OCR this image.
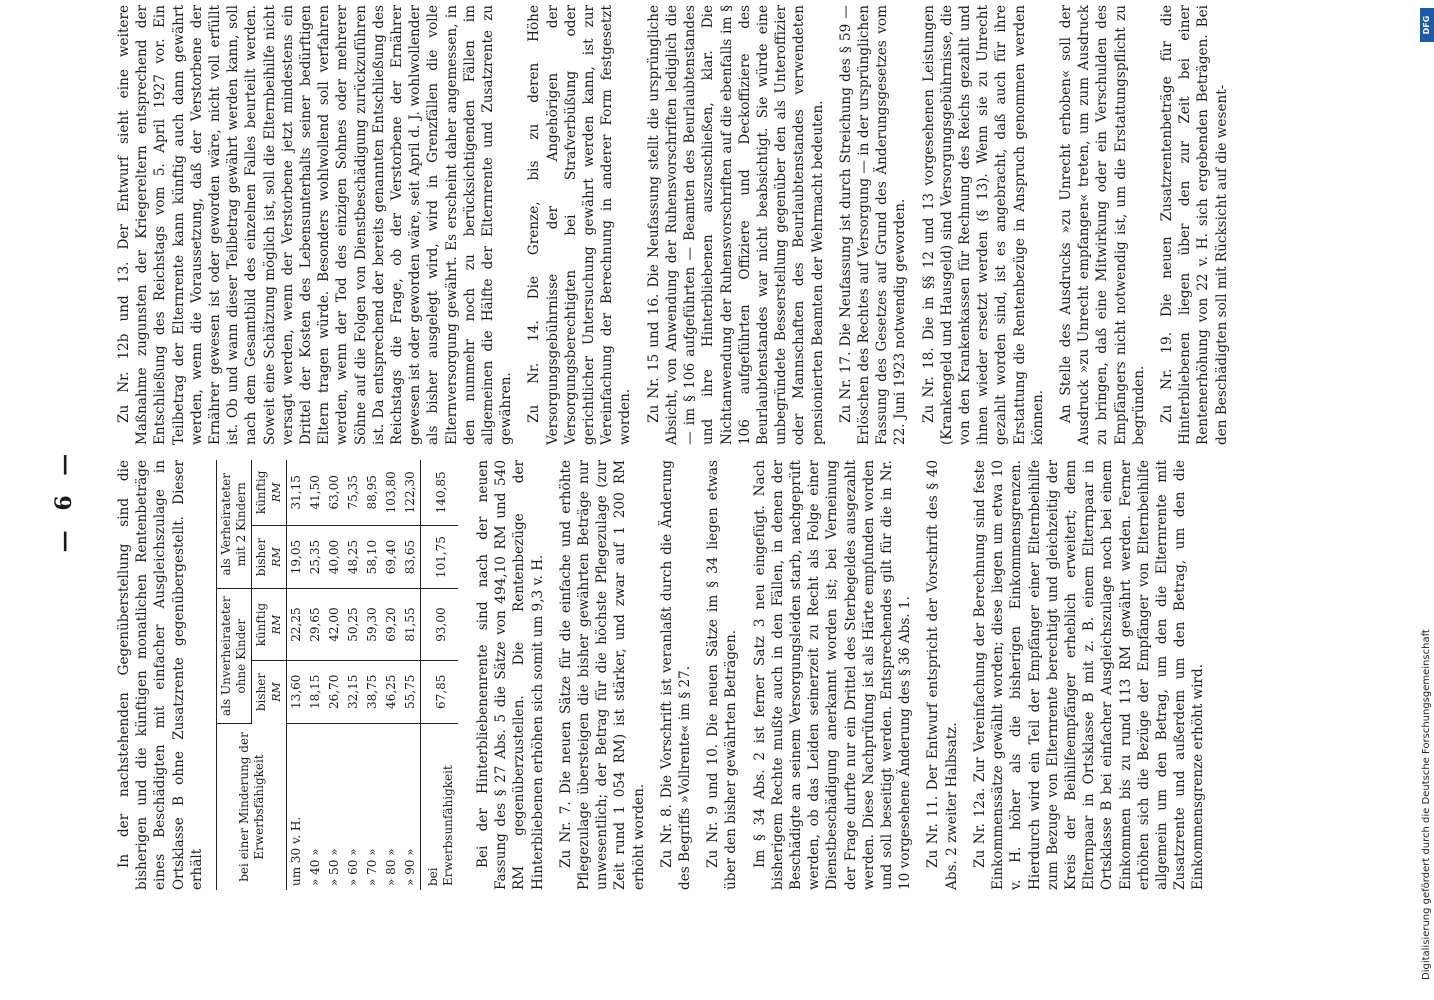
— 6 —	In der nachstehenden Gegenüberstellung sind die bisherigen und die künftigen monatlichen Rentenbeträge eines Beschädigten mit einfacher Ausgleichszulage in Ortsklasse B ohne Zusatzrente gegenübergestellt. Dieser erhält	bei einer Minderung der Erwerbsfähigkeit	als Unverheirateter ohne Kinder		als Verheirateter mit 2 Kindern	
	bisher RM	künftig RM	bisher RM	künftig RM
um 30 v. H.	13,60	22,25	19,05	31,15
» 40 »	18,15	29,65	25,35	41,50
» 50 »	26,70	42,00	40,00	63,00
» 60 »	32,15	50,25	48,25	75,35
» 70 »	38,75	59,30	58,10	88,95
» 80 »	46,25	69,20	69,40	103,80
» 90 »	55,75	81,55	83,65	122,30
bei
Erwerbsunfähigkeit	67,85	93,00	101,75	140,85 Bei der Hinterbliebenenrente sind nach der neuen Fassung des § 27 Abs. 5 die Sätze von 494,10 RM und 540 RM gegenüberzustellen. Die Rentenbezüge der Hinterbliebenen erhöhen sich somit um 9,3 v. H. Zu Nr. 7. Die neuen Sätze für die einfache und erhöhte Pflegezulage übersteigen die bisher gewährten Beträge nur unwesentlich; der Betrag für die höchste Pflegezulage (zur Zeit rund 1 054 RM) ist stärker, und zwar auf 1 200 RM erhöht worden. Zu Nr. 8. Die Vorschrift ist veranlaßt durch die Änderung des Begriffs »Vollrente« im § 27. Zu Nr. 9 und 10. Die neuen Sätze im § 34 liegen etwas über den bisher gewährten Beträgen. Im § 34 Abs. 2 ist ferner Satz 3 neu eingefügt. Nach bisherigem Rechte mußte auch in den Fällen, in denen der Beschädigte an seinem Versorgungsleiden starb, nachgeprüft werden, ob das Leiden seinerzeit zu Recht als Folge einer Dienstbeschädigung anerkannt worden ist; bei Verneinung der Frage durfte nur ein Drittel des Sterbegeldes ausgezahlt werden. Diese Nachprüfung ist als Härte empfunden worden und soll beseitigt werden. Entsprechendes gilt für die in Nr. 10 vorgesehene Änderung des § 36 Abs. 1. Zu Nr. 11. Der Entwurf entspricht der Vorschrift des § 40 Abs. 2 zweiter Halbsatz. Zu Nr. 12a. Zur Vereinfachung der Berechnung sind feste Einkommenssätze gewählt worden; diese liegen um etwa 10 v. H. höher als die bisherigen Einkommensgrenzen. Hierdurch wird ein Teil der Empfänger einer Elternbeihilfe zum Bezuge von Elternrente berechtigt und gleichzeitig der Kreis der Beihilfeempfänger erheblich erweitert; denn Elternpaar in Ortsklasse B mit z. B. einem Elternpaar in Ortsklasse B bei einfacher Ausgleichszulage noch bei einem Einkommen bis zu rund 113 RM gewährt werden. Ferner erhöhen sich die Bezüge der Empfänger von Elternbeihilfe allgemein um den Betrag, um den die Elternrente mit Zusatzrente und außerdem um den Betrag, um den die Einkommensgrenze erhöht wird.

Zu Nr. 12b und 13. Der Entwurf sieht eine weitere Maßnahme zugunsten der Kriegereltern entsprechend der Entschließung des Reichstags vom 5. April 1927 vor. Ein Teilbetrag der Elternrente kann künftig auch dann gewährt werden, wenn die Voraussetzung, daß der Verstorbene der Ernährer gewesen ist oder geworden wäre, nicht voll erfüllt ist. Ob und wann dieser Teilbetrag gewährt werden kann, soll nach dem Gesamtbild des einzelnen Falles beurteilt werden. Soweit eine Schätzung möglich ist, soll die Elternbeihilfe nicht versagt werden, wenn der Verstorbene jetzt mindestens ein Drittel der Kosten des Lebensunterhalts seiner bedürftigen Eltern tragen würde. Besonders wohlwollend soll verfahren werden, wenn der Tod des einzigen Sohnes oder mehrerer Söhne auf die Folgen von Dienstbeschädigung zurückzuführen ist. Da entsprechend der bereits genannten Entschließung des Reichstags die Frage, ob der Verstorbene der Ernährer gewesen ist oder geworden wäre, seit April d. J. wohlwollender als bisher ausgelegt wird, wird in Grenzfällen die volle Elternversorgung gewährt. Es erscheint daher angemessen, in den nunmehr noch zu berücksichtigenden Fällen im allgemeinen die Hälfte der Elternrente und Zusatzrente zu gewähren. Zu Nr. 14. Die Grenze, bis zu deren Höhe Versorgungsgebührnisse der Angehörigen der Versorgungsberechtigten bei Strafverbüßung oder gerichtlicher Untersuchung gewährt werden kann, ist zur Vereinfachung der Berechnung in anderer Form festgesetzt worden. Zu Nr. 15 und 16. Die Neufassung stellt die ursprüngliche Absicht, von Anwendung der Ruhensvorschriften lediglich die — im § 106 aufgeführten — Beamten des Beurlaubtenstandes und ihre Hinterbliebenen auszuschließen, klar. Die Nichtanwendung der Ruhensvorschriften auf die ebenfalls im § 106 aufgeführten Offiziere und Deckoffiziere des Beurlaubtenstandes war nicht beabsichtigt. Sie würde eine unbegründete Besserstellung gegenüber den als Unteroffizier oder Mannschaften des Beurlaubtenstandes verwendeten pensionierten Beamten der Wehrmacht bedeuten. Zu Nr. 17. Die Neufassung ist durch Streichung des § 59 — Erlöschen des Rechtes auf Versorgung — in der ursprünglichen Fassung des Gesetzes auf Grund des Änderungsgesetzes vom 22. Juni 1923 notwendig geworden. Zu Nr. 18. Die in §§ 12 und 13 vorgesehenen Leistungen (Krankengeld und Hausgeld) sind Versorgungsgebührnisse, die von den Krankenkassen für Rechnung des Reichs gezahlt und ihnen wieder ersetzt werden (§ 13). Wenn sie zu Unrecht gezahlt worden sind, ist es angebracht, daß auch für ihre Erstattung die Rentenbezüge in Anspruch genommen werden können. An Stelle des Ausdrucks »zu Unrecht erhoben« soll der Ausdruck »zu Unrecht empfangen« treten, um zum Ausdruck zu bringen, daß eine Mitwirkung oder ein Verschulden des Empfängers nicht notwendig ist, um die Erstattungspflicht zu begründen. Zu Nr. 19. Die neuen Zusatzrentenbeträge für die Hinterbliebenen liegen über den zur Zeit bei einer Rentenerhöhung von 22 v. H. sich ergebenden Beträgen. Bei den Beschädigten soll mit Rücksicht auf die wesent-

Digitalisierung gefördert durch die Deutsche Forschungsgemeinschaft
DFG
